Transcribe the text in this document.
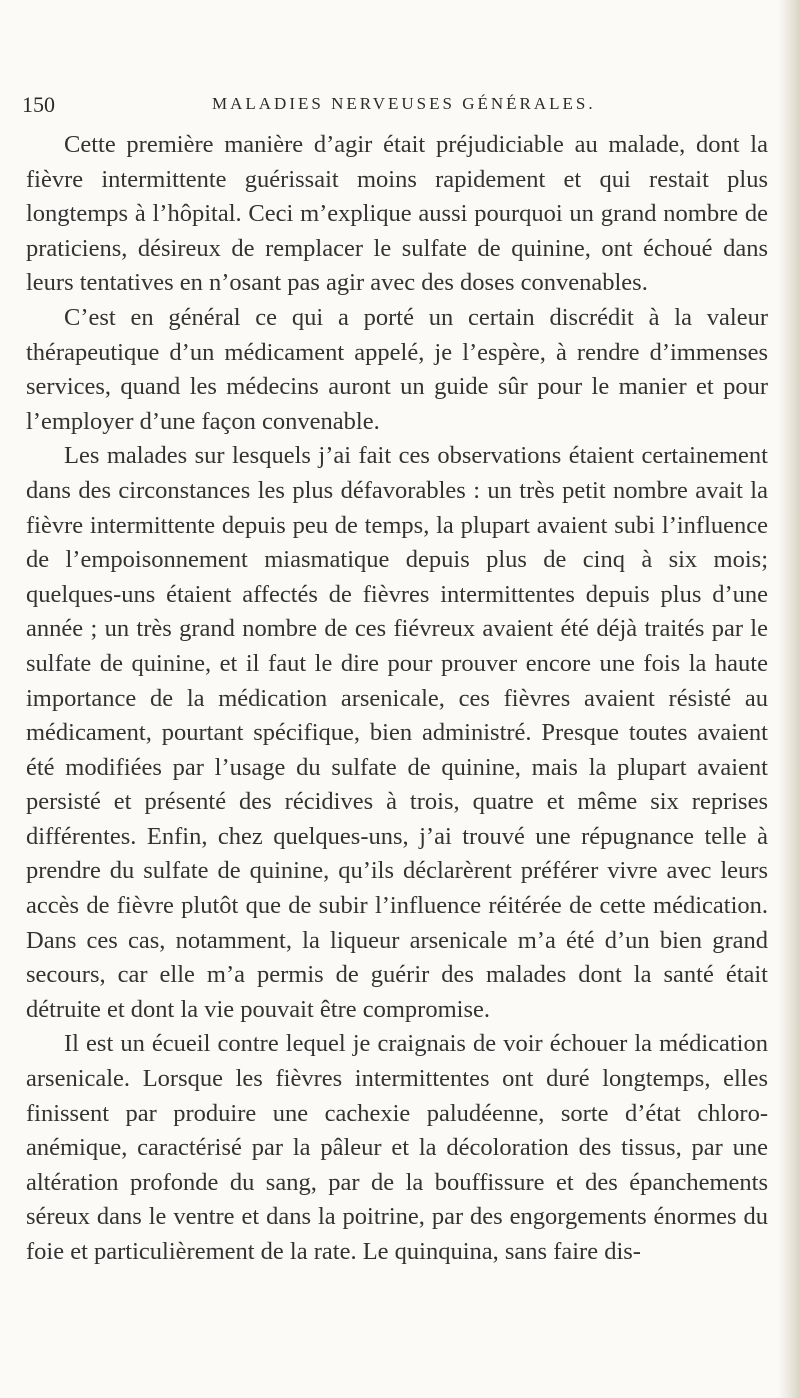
150	MALADIES NERVEUSES GÉNÉRALES.

Cette première manière d’agir était préjudiciable au malade, dont la fièvre intermittente guérissait moins rapidement et qui restait plus longtemps à l’hôpital. Ceci m’explique aussi pourquoi un grand nombre de praticiens, désireux de remplacer le sulfate de quinine, ont échoué dans leurs tentatives en n’osant pas agir avec des doses convenables.

C’est en général ce qui a porté un certain discrédit à la valeur thérapeutique d’un médicament appelé, je l’espère, à rendre d’immenses services, quand les médecins auront un guide sûr pour le manier et pour l’employer d’une façon convenable.

Les malades sur lesquels j’ai fait ces observations étaient certainement dans des circonstances les plus défavorables : un très petit nombre avait la fièvre intermittente depuis peu de temps, la plupart avaient subi l’influence de l’empoisonnement miasmatique depuis plus de cinq à six mois; quelques-uns étaient affectés de fièvres intermittentes depuis plus d’une année ; un très grand nombre de ces fiévreux avaient été déjà traités par le sulfate de quinine, et il faut le dire pour prouver encore une fois la haute importance de la médication arsenicale, ces fièvres avaient résisté au médicament, pourtant spécifique, bien administré. Presque toutes avaient été modifiées par l’usage du sulfate de quinine, mais la plupart avaient persisté et présenté des récidives à trois, quatre et même six reprises différentes. Enfin, chez quelques-uns, j’ai trouvé une répugnance telle à prendre du sulfate de quinine, qu’ils déclarèrent préférer vivre avec leurs accès de fièvre plutôt que de subir l’influence réitérée de cette médication. Dans ces cas, notamment, la liqueur arsenicale m’a été d’un bien grand secours, car elle m’a permis de guérir des malades dont la santé était détruite et dont la vie pouvait être compromise.

Il est un écueil contre lequel je craignais de voir échouer la médication arsenicale. Lorsque les fièvres intermittentes ont duré longtemps, elles finissent par produire une cachexie paludéenne, sorte d’état chloro-anémique, caractérisé par la pâleur et la décoloration des tissus, par une altération profonde du sang, par de la bouffissure et des épanchements séreux dans le ventre et dans la poitrine, par des engorgements énormes du foie et particulièrement de la rate. Le quinquina, sans faire dis-
